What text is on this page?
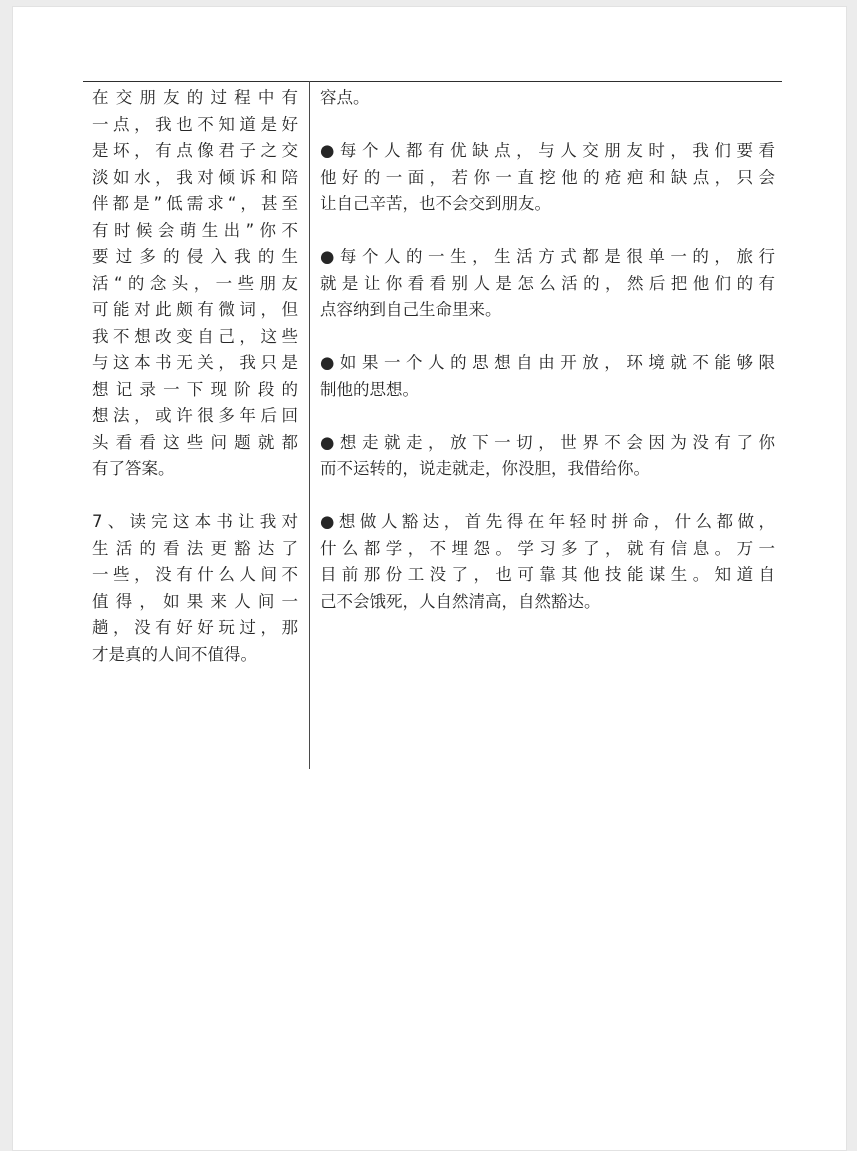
在交朋友的过程中有
一点，我也不知道是好
是坏，有点像君子之交
淡如水，我对倾诉和陪
伴都是”低需求“，甚至
有时候会萌生出”你不
要过多的侵入我的生
活“的念头，一些朋友
可能对此颇有微词，但
我不想改变自己，这些
与这本书无关，我只是
想记录一下现阶段的
想法，或许很多年后回
头看看这些问题就都
有了答案。
7、读完这本书让我对
生活的看法更豁达了
一些，没有什么人间不
值得，如果来人间一
趟，没有好好玩过，那
才是真的人间不值得。
容点。
●每个人都有优缺点，与人交朋友时，我们要看
他好的一面，若你一直挖他的疮疤和缺点，只会
让自己辛苦，也不会交到朋友。
●每个人的一生，生活方式都是很单一的，旅行
就是让你看看别人是怎么活的，然后把他们的有
点容纳到自己生命里来。
●如果一个人的思想自由开放，环境就不能够限
制他的思想。
●想走就走，放下一切，世界不会因为没有了你
而不运转的，说走就走，你没胆，我借给你。
●想做人豁达，首先得在年轻时拼命，什么都做，
什么都学，不埋怨。学习多了，就有信息。万一
目前那份工没了，也可靠其他技能谋生。知道自
己不会饿死，人自然清高，自然豁达。
